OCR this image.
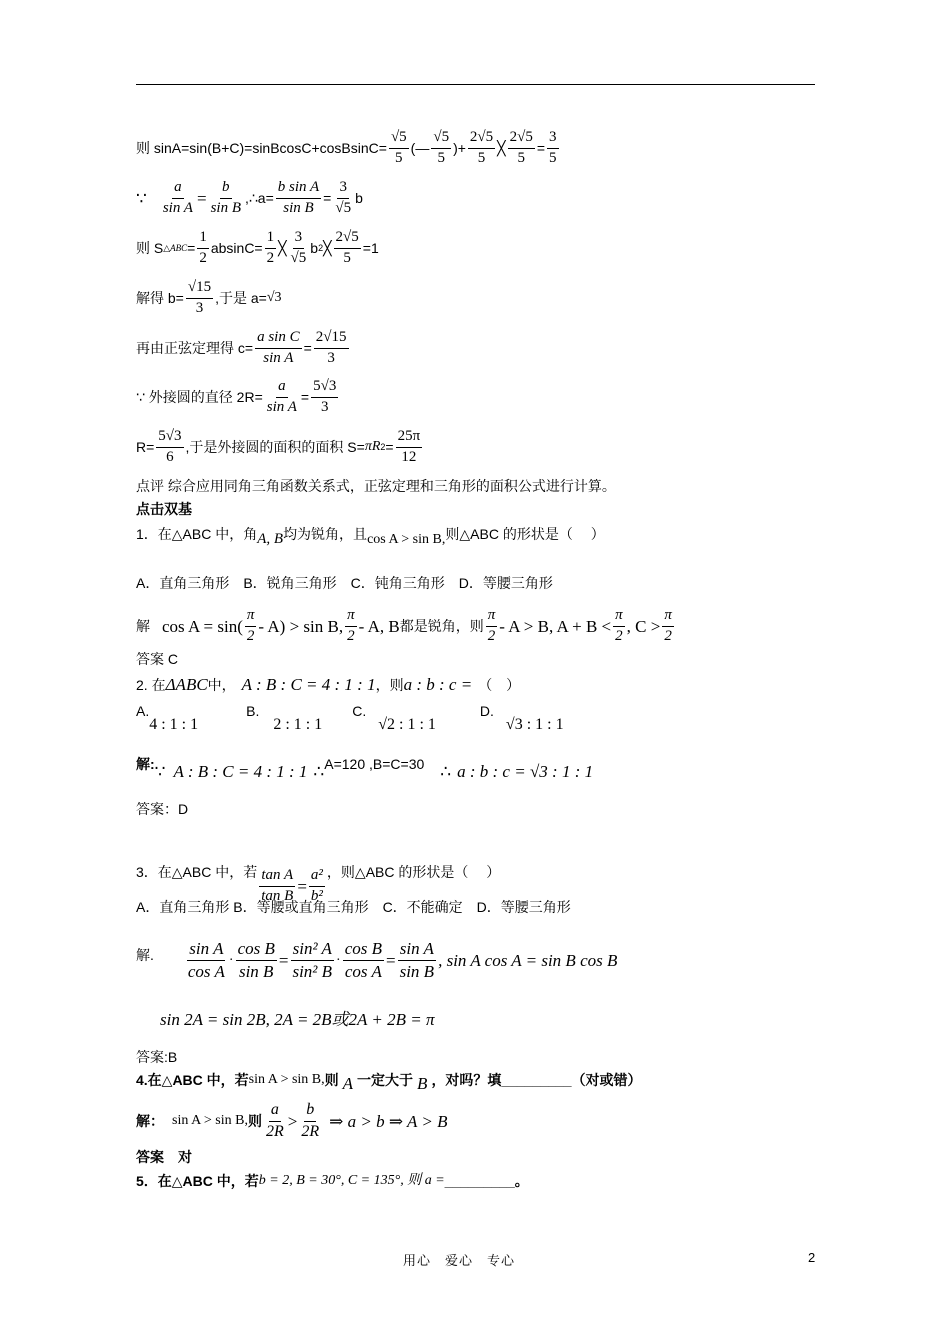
则 sinA=sin(B+C)=sinBcosC+cosBsinC= $\frac{√5}{5}$ (— $\frac{√5}{5}$ )+ $\frac{2√5}{5}$ ╳ $\frac{2√5}{5} = \frac{3}{5}$
∵ $\frac{a}{\text{sin A}} = \frac{b}{\text{sin B}}$ ,∴a= $\frac{\text{b sin A}}{\text{sin B}} = \frac{3}{√5}$ b
则 S △ABC = $\frac{1}{2} absinC= \frac{1}{2}$ ╳ $\frac{3}{√5}$ b 2 ╳ $\frac{2√5}{5} =1$
解得 $b= \frac{√15}{3}$ ,于是 a= √3
再由正弦定理得 $c= \frac{\text{a sin C}}{\text{sin A}} = \frac{2√15}{3}$
∵ 外接圆的直径 $2R= \frac{a}{\text{sin A}} = \frac{5√3}{3}$
$R= \frac{5√3}{6}$ ,于是外接圆的面积的面积 S= πR $2 = \frac{25\pi}{12}$
点评 综合应用同角三角函数关系式，正弦定理和三角形的面积公式进行计算。
点击双基
1．在△ABC 中，角 A, B 均为锐角，且 cos A > sin B, 则△ABC 的形状是（　 ）
A．直角三角形　B．锐角三角形　C．钝角三角形　D．等腰三角形
解 $\cos A = \sin( \frac{\pi}{2} - A) > \sin B$, $\frac{\pi}{2}$ - A, B 都是锐角，则 $\frac{\pi}{2} - A > B$, $A + B < \frac{\pi}{2}$ , $C > \frac{\pi}{2}$
答案 C
2. 在 ΔABC 中， A : B : C = 4 : 1 : 1 ，则 a : b : c = （　）
A.
4 : 1 : 1
B.
2 : 1 : 1
C.
√2 : 1 : 1
D.
√3 : 1 : 1
解: ∵ A : B : C = 4 : 1 : 1 ∴ A=120 ,B=C=30 ∴ a : b : c = √3 : 1 : 1
答案：D
3．在△ABC 中，若 $\frac{\text{tan A}}{\text{tan B}} = \frac{\text{a²}}{\text{b²}}$ ，则△ABC 的形状是（　 ）
A．直角三角形 B．等腰或直角三角形　C．不能确定　D．等腰三角形
解. $\frac{\text{sin A}}{\text{cos A}} \cdot \frac{\text{cos B}}{\text{sin B}} = \frac{\text{sin² A}}{\text{sin² B}} \cdot \frac{\text{cos B}}{\text{cos A}} = \frac{\text{sin A}}{\text{sin B}}$ , sin A cos A = sin B cos B
sin 2A = sin 2B, 2A = 2B或2A + 2B = π
答案:B
4.在△ABC 中，若 sin A > sin B, 则 A 一定大于 B ，对吗？填_________（对或错）
解： sin A > sin B, 则 $\frac{a}{2R} > \frac{b}{2R}$ ⇒ a > b ⇒ A > B
答案　对
5．在△ABC 中，若 b = 2, B = 30°, C = 135°, 则 a = _________。
用心　爱心　专心	2
